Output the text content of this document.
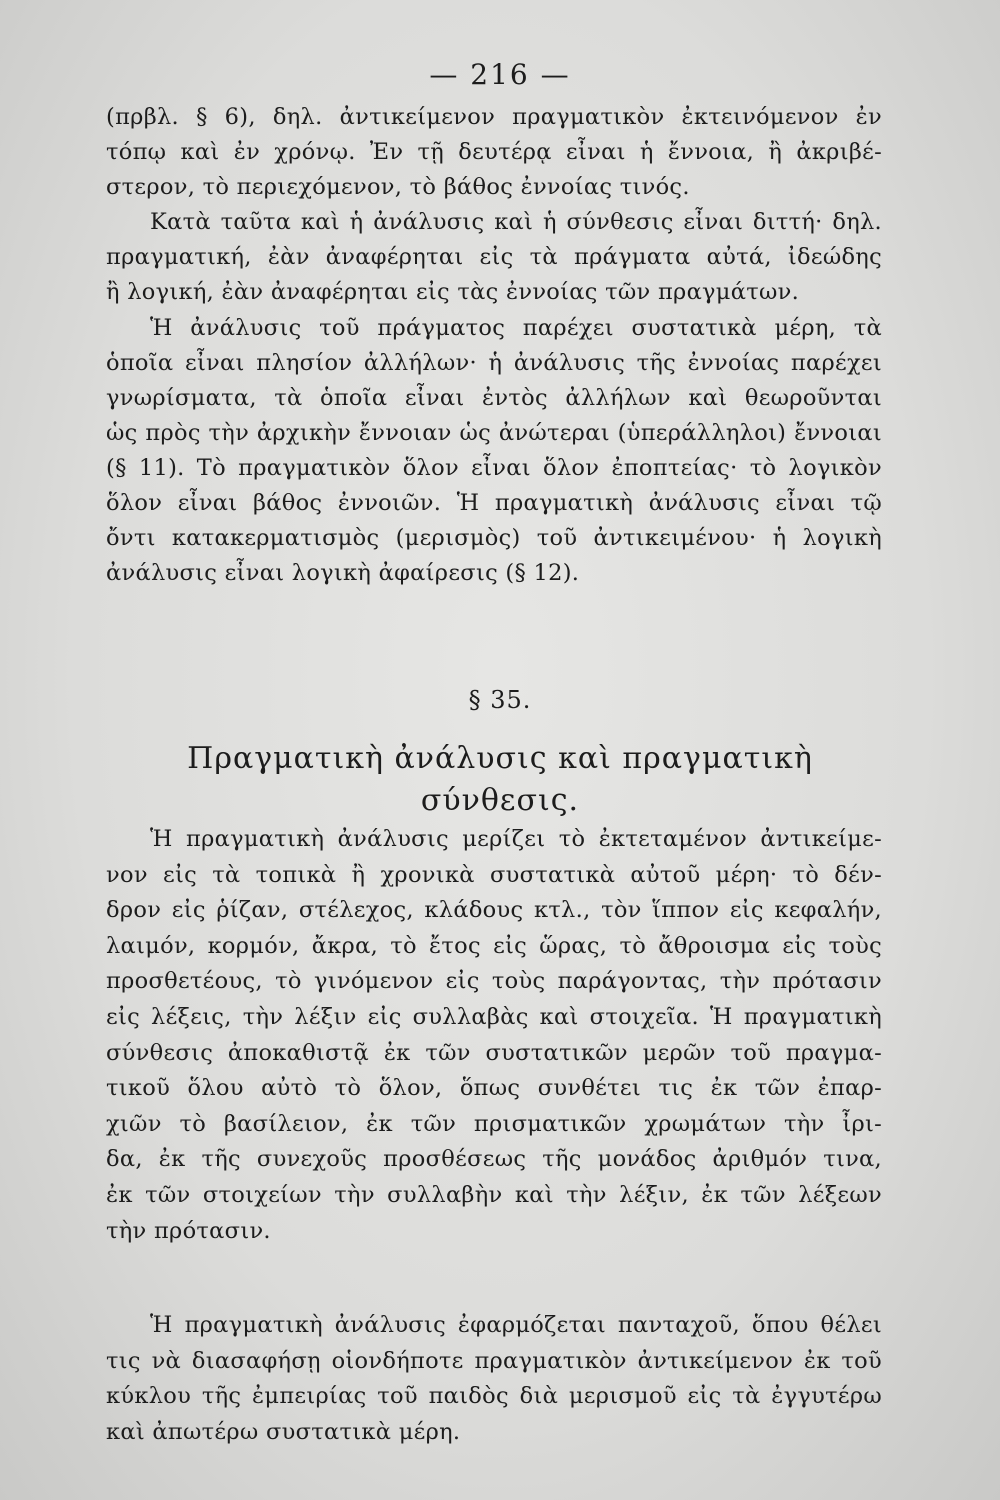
— 216 —

(πρβλ. § 6), δηλ. ἀντικείμενον πραγματικὸν ἐκτεινόμενον ἐν
τόπῳ καὶ ἐν χρόνῳ. Ἐν τῇ δευτέρᾳ εἶναι ἡ ἔννοια, ἢ ἀκριβέ-
στερον, τὸ περιεχόμενον, τὸ βάθος ἐννοίας τινός.

Κατὰ ταῦτα καὶ ἡ ἀνάλυσις καὶ ἡ σύνθεσις εἶναι διττή· δηλ.
πραγματική, ἐὰν ἀναφέρηται εἰς τὰ πράγματα αὐτά, ἰδεώδης
ἢ λογική, ἐὰν ἀναφέρηται εἰς τὰς ἐννοίας τῶν πραγμάτων.

Ἡ ἀνάλυσις τοῦ πράγματος παρέχει συστατικὰ μέρη, τὰ
ὁποῖα εἶναι πλησίον ἀλλήλων· ἡ ἀνάλυσις τῆς ἐννοίας παρέχει
γνωρίσματα, τὰ ὁποῖα εἶναι ἐντὸς ἀλλήλων καὶ θεωροῦνται
ὡς πρὸς τὴν ἀρχικὴν ἔννοιαν ὡς ἀνώτεραι (ὑπεράλληλοι) ἔννοιαι
(§ 11). Τὸ πραγματικὸν ὅλον εἶναι ὅλον ἐποπτείας· τὸ λογικὸν
ὅλον εἶναι βάθος ἐννοιῶν. Ἡ πραγματικὴ ἀνάλυσις εἶναι τῷ
ὄντι κατακερματισμὸς (μερισμὸς) τοῦ ἀντικειμένου· ἡ λογικὴ
ἀνάλυσις εἶναι λογικὴ ἀφαίρεσις (§ 12).

§ 35.
Πραγματικὴ ἀνάλυσις καὶ πραγματικὴ
σύνθεσις.

Ἡ πραγματικὴ ἀνάλυσις μερίζει τὸ ἐκτεταμένον ἀντικείμε-
νον εἰς τὰ τοπικὰ ἢ χρονικὰ συστατικὰ αὐτοῦ μέρη· τὸ δέν-
δρον εἰς ῥίζαν, στέλεχος, κλάδους κτλ., τὸν ἵππον εἰς κεφαλήν,
λαιμόν, κορμόν, ἄκρα, τὸ ἔτος εἰς ὥρας, τὸ ἄθροισμα εἰς τοὺς
προσθετέους, τὸ γινόμενον εἰς τοὺς παράγοντας, τὴν πρότασιν
εἰς λέξεις, τὴν λέξιν εἰς συλλαβὰς καὶ στοιχεῖα. Ἡ πραγματικὴ
σύνθεσις ἀποκαθιστᾷ ἐκ τῶν συστατικῶν μερῶν τοῦ πραγμα-
τικοῦ ὅλου αὐτὸ τὸ ὅλον, ὅπως συνθέτει τις ἐκ τῶν ἐπαρ-
χιῶν τὸ βασίλειον, ἐκ τῶν πρισματικῶν χρωμάτων τὴν ἶρι-
δα, ἐκ τῆς συνεχοῦς προσθέσεως τῆς μονάδος ἀριθμόν τινα,
ἐκ τῶν στοιχείων τὴν συλλαβὴν καὶ τὴν λέξιν, ἐκ τῶν λέξεων
τὴν πρότασιν.

Ἡ πραγματικὴ ἀνάλυσις ἐφαρμόζεται πανταχοῦ, ὅπου θέλει
τις νὰ διασαφήσῃ οἱονδήποτε πραγματικὸν ἀντικείμενον ἐκ τοῦ
κύκλου τῆς ἐμπειρίας τοῦ παιδὸς διὰ μερισμοῦ εἰς τὰ ἐγγυτέρω
καὶ ἀπωτέρω συστατικὰ μέρη.
